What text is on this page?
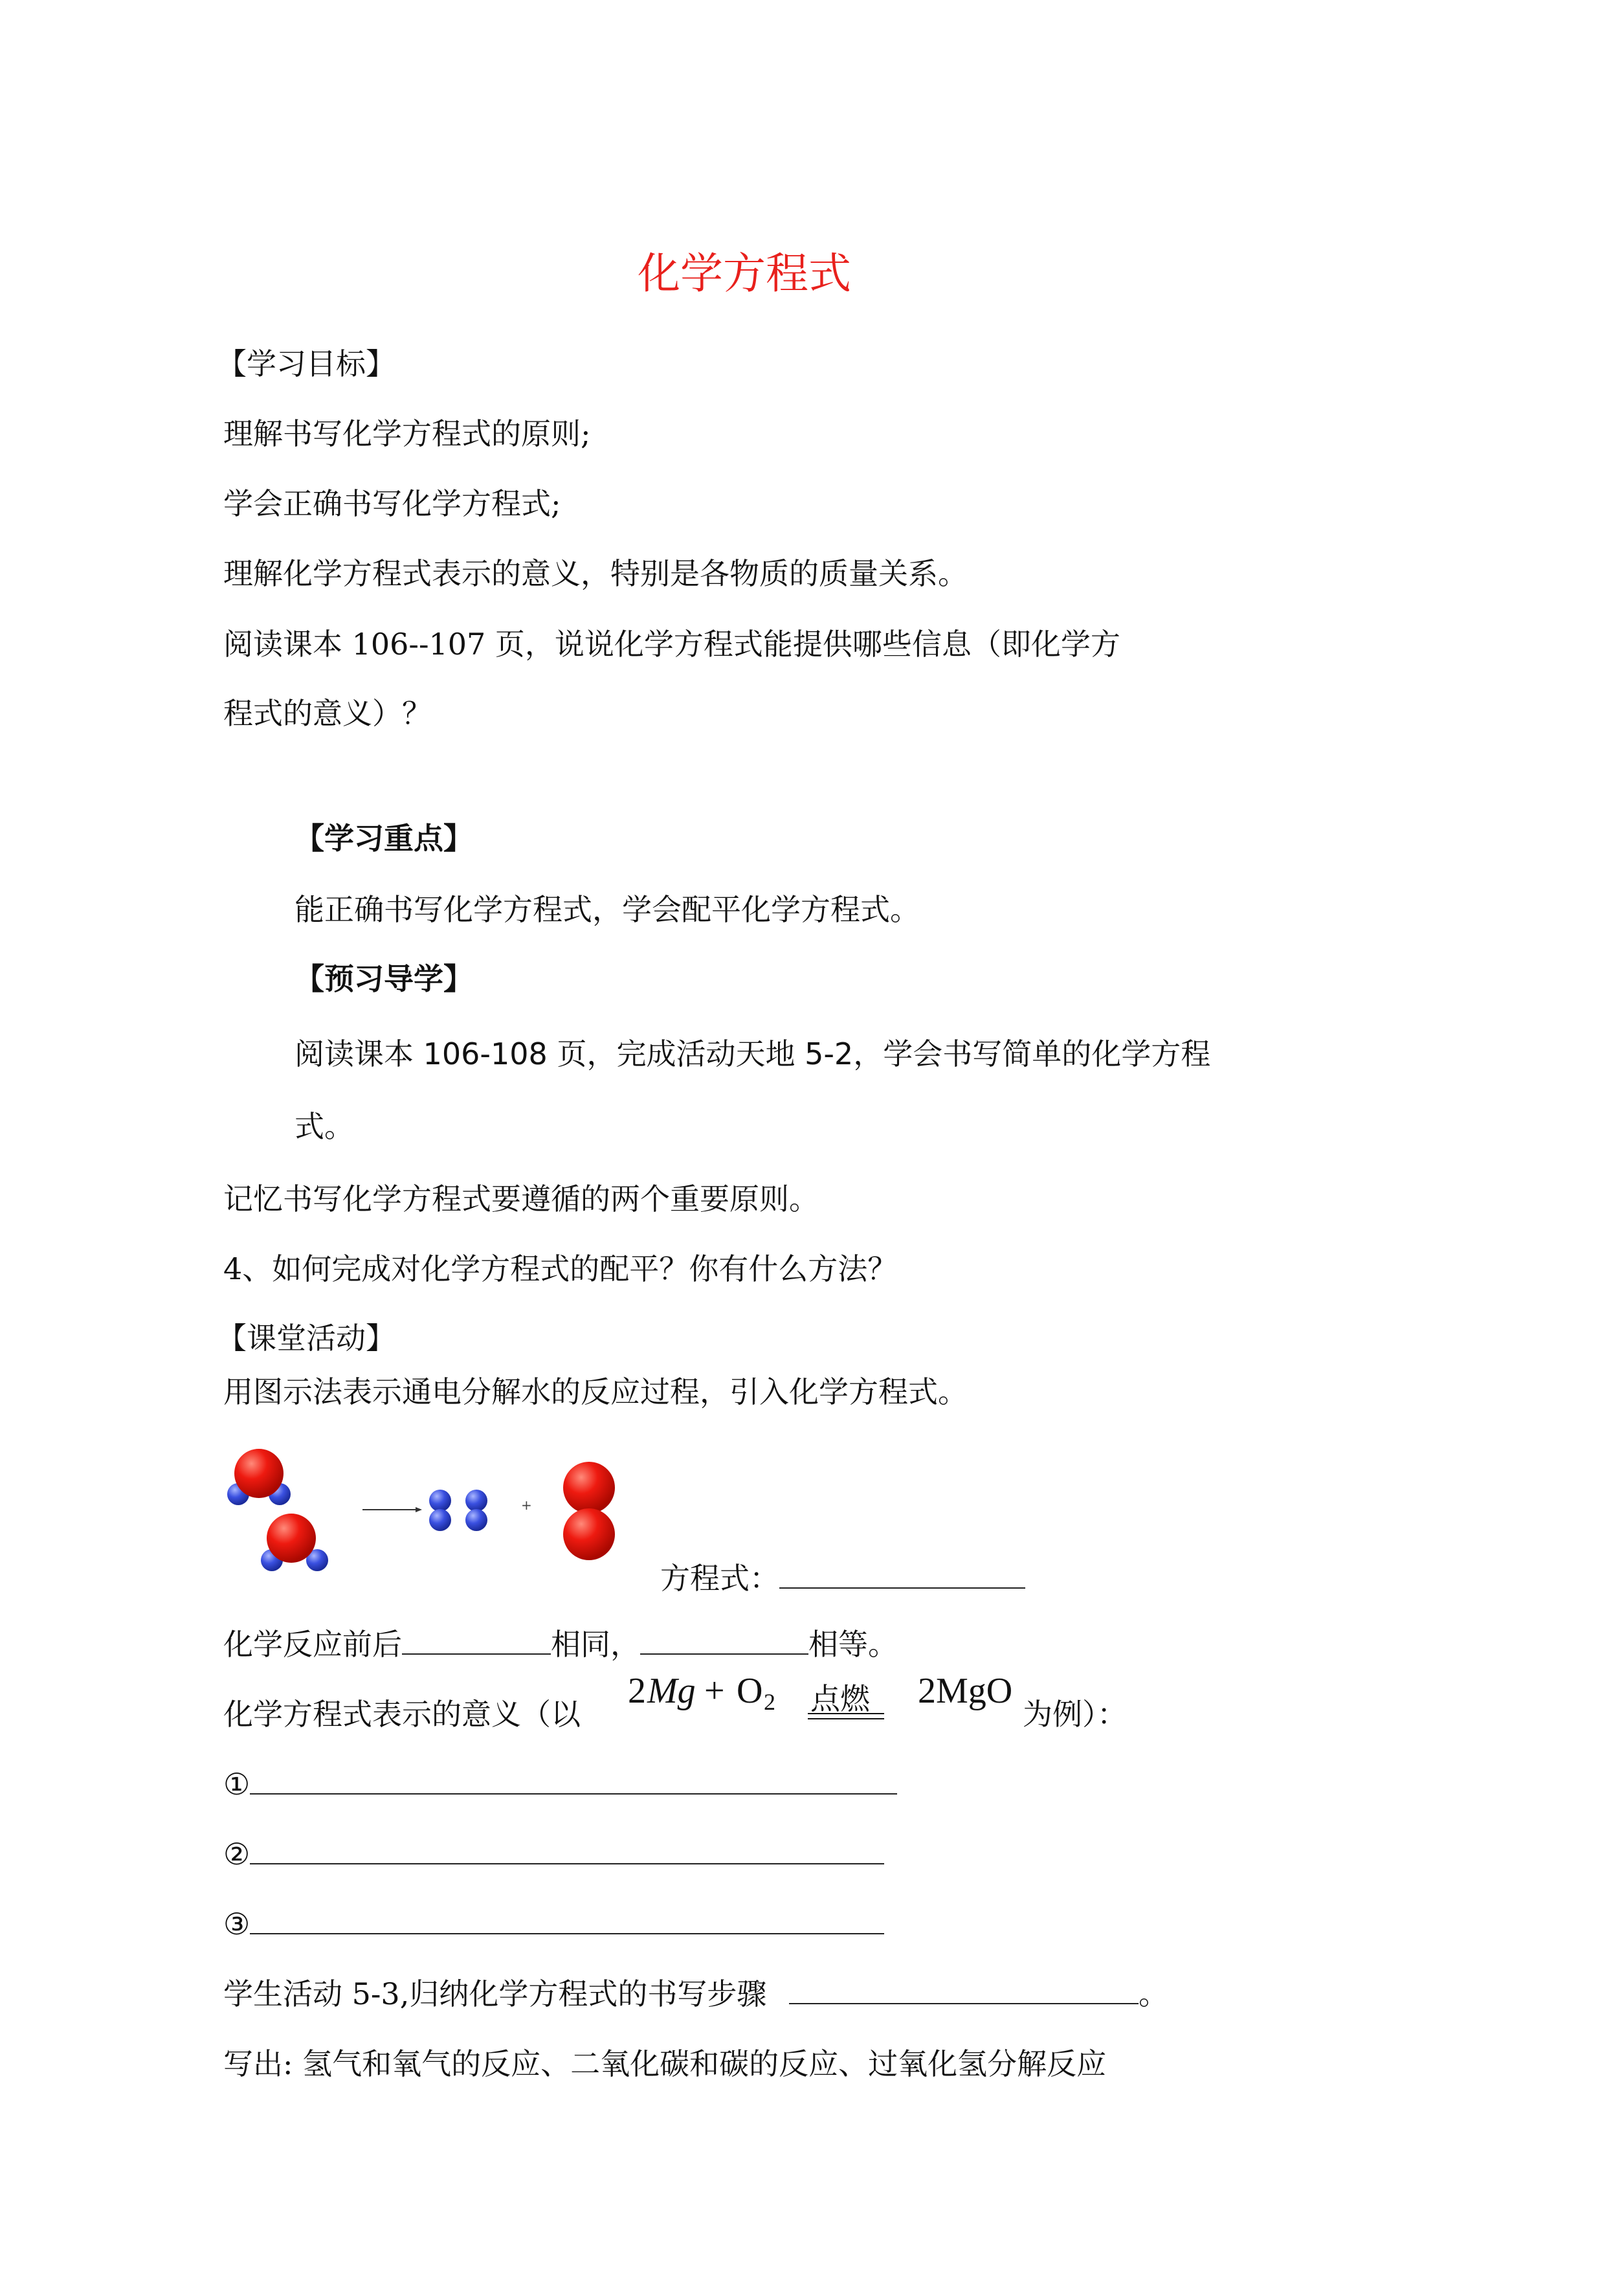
化学方程式
【学习目标】
理解书写化学方程式的原则;
学会正确书写化学方程式;
理解化学方程式表示的意义，特别是各物质的质量关系。
阅读课本 106--107 页，说说化学方程式能提供哪些信息（即化学方
程式的意义）？
【学习重点】
能正确书写化学方程式，学会配平化学方程式。
【预习导学】
阅读课本 106-108 页，完成活动天地 5-2，学会书写简单的化学方程
式。
记忆书写化学方程式要遵循的两个重要原则。
4、如何完成对化学方程式的配平？你有什么方法？
【课堂活动】
用图示法表示通电分解水的反应过程，引入化学方程式。
+
方程式：
化学反应前后	相同，	相等。
化学方程式表示的意义（以
2 Mg + O 2 点燃 2MgO
为例）：
①
②
③
学生活动 5-3,归纳化学方程式的书写步骤	。
写出: 氢气和氧气的反应、二氧化碳和碳的反应、过氧化氢分解反应
